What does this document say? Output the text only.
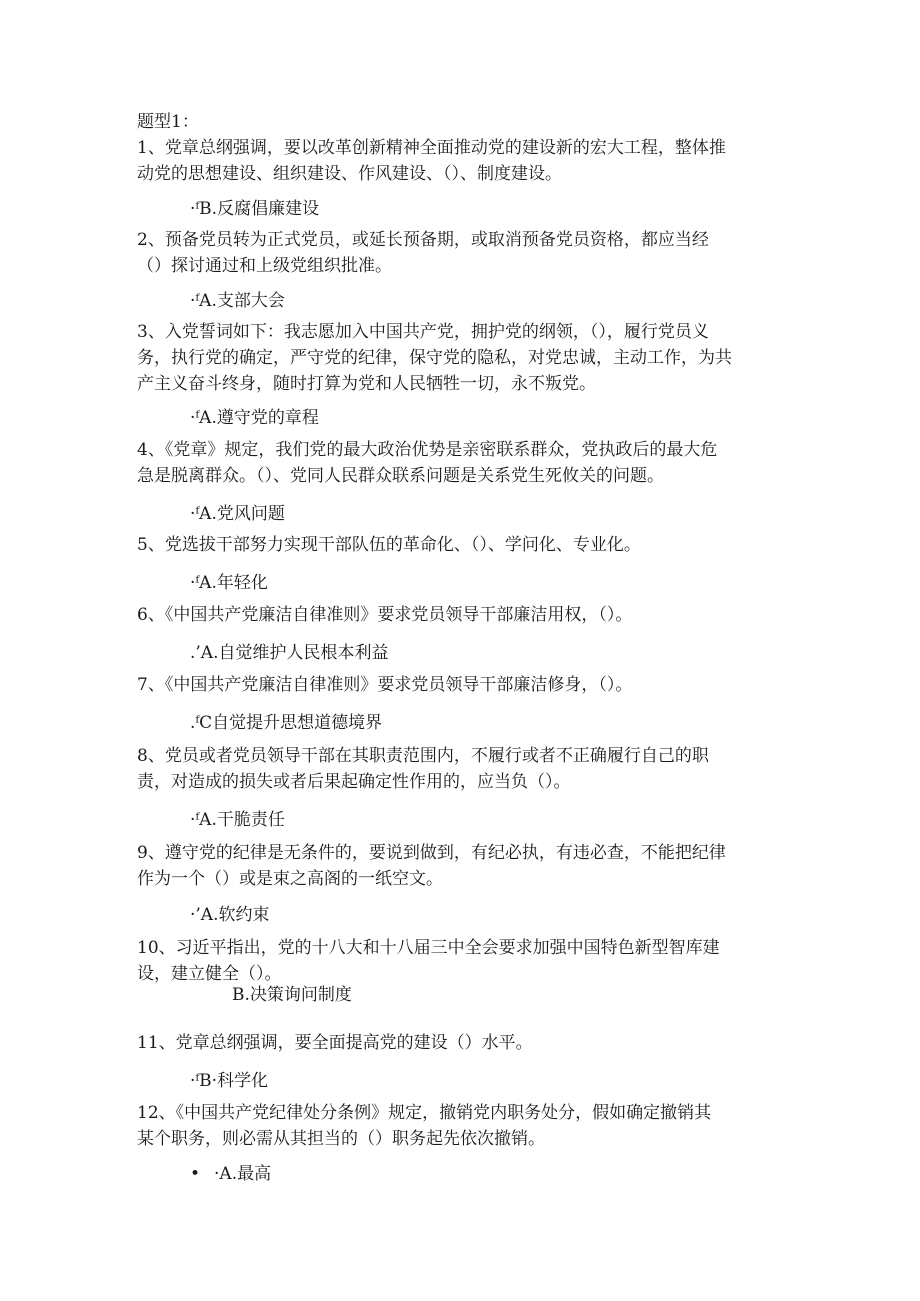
题型1：
1、党章总纲强调，要以改革创新精神全面推动党的建设新的宏大工程，整体推
动党的思想建设、组织建设、作风建设、（）、制度建设。
·ᶠB.反腐倡廉建设
2、预备党员转为正式党员，或延长预备期，或取消预备党员资格，都应当经
（）探讨通过和上级党组织批准。
·ᶠA.支部大会
3、入党誓词如下：我志愿加入中国共产党，拥护党的纲领，（），履行党员义
务，执行党的确定，严守党的纪律，保守党的隐私，对党忠诚，主动工作，为共
产主义奋斗终身，随时打算为党和人民牺牲一切，永不叛党。
·ᶠA.遵守党的章程
4、《党章》规定，我们党的最大政治优势是亲密联系群众，党执政后的最大危
急是脱离群众。（）、党同人民群众联系问题是关系党生死攸关的问题。
·ᶠA.党风问题
5、党选拔干部努力实现干部队伍的革命化、（）、学问化、专业化。
·ᶠA.年轻化
6、《中国共产党廉洁自律准则》要求党员领导干部廉洁用权，（）。
.’A.自觉维护人民根本利益
7、《中国共产党廉洁自律准则》要求党员领导干部廉洁修身，（）。
.ᶠC自觉提升思想道德境界
8、党员或者党员领导干部在其职责范围内，不履行或者不正确履行自己的职
责，对造成的损失或者后果起确定性作用的，应当负（）。
·ᶠA.干脆责任
9、遵守党的纪律是无条件的，要说到做到，有纪必执，有违必查，不能把纪律
作为一个（）或是束之高阁的一纸空文。
·’A.软约束
10、习近平指出，党的十八大和十八届三中全会要求加强中国特色新型智库建
设，建立健全（）。
B.决策询问制度
11、党章总纲强调，要全面提高党的建设（）水平。
·ᶠB·科学化
12、《中国共产党纪律处分条例》规定，撤销党内职务处分，假如确定撤销其
某个职务，则必需从其担当的（）职务起先依次撤销。
• ·A.最高
